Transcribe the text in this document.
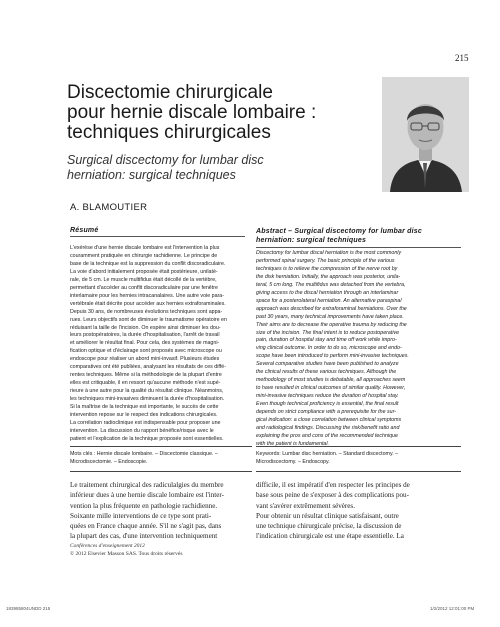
215
Discectomie chirurgicale
pour hernie discale lombaire :
techniques chirurgicales
Surgical discectomy for lumbar disc
herniation: surgical techniques
A. BLAMOUTIER
Résumé	Abstract – Surgical discectomy for lumbar disc
herniation: surgical techniques
L'exérèse d'une hernie discale lombaire est l'intervention la plus
couramment pratiquée en chirurgie rachidienne. Le principe de
base de la technique est la suppression du conflit discoradiculaire.
La voie d'abord initialement proposée était postérieure, unilaté-
rale, de 5 cm. Le muscle multifidus était décollé de la vertèbre,
permettant d'accéder au conflit discoradiculaire par une fenêtre
interlamaire pour les hernies intracanalaires. Une autre voie para-
vertébrale était décrite pour accéder aux hernies extraforaminales.
Depuis 30 ans, de nombreuses évolutions techniques sont appa-
rues. Leurs objectifs sont de diminuer le traumatisme opératoire en
réduisant la taille de l'incision. On espère ainsi diminuer les dou-
leurs postopératoires, la durée d'hospitalisation, l'arrêt de travail
et améliorer le résultat final. Pour cela, des systèmes de magni-
fication optique et d'éclairage sont proposés avec microscope ou
endoscope pour réaliser un abord mini-invasif. Plusieurs études
comparatives ont été publiées, analysant les résultats de ces diffé-
rentes techniques. Même si la méthodologie de la plupart d'entre
elles est critiquable, il en ressort qu'aucune méthode n'est supé-
rieure à une autre pour la qualité du résultat clinique. Néanmoins,
les techniques mini-invasives diminuent la durée d'hospitalisation.
Si la maîtrise de la technique est importante, le succès de cette
intervention repose sur le respect des indications chirurgicales.
La corrélation radioclinique est indispensable pour proposer une
intervention. La discussion du rapport bénéfice/risque avec le
patient et l'explication de la technique proposée sont essentielles.
Discectomy for lumbar discal herniation is the most commonly
performed spinal surgery. The basic principle of the various
techniques is to relieve the compression of the nerve root by
the disk herniation. Initially, the approach was posterior, unila-
teral, 5 cm long. The multifidus was detached from the vertebra,
giving access to the discal herniation through an interlaminar
space for a posterolateral herniation. An alternative paraspinal
approach was described for extraforaminal herniations. Over the
past 30 years, many technical improvements have taken place.
Their aims are to decrease the operative trauma by reducing the
size of the incision. The final intent is to reduce postoperative
pain, duration of hospital stay and time off work while impro-
ving clinical outcome. In order to do so, microscope and endo-
scope have been introduced to perform mini-invasive techniques.
Several comparative studies have been published to analyze
the clinical results of these various techniques. Although the
methodology of most studies is debatable, all approaches seem
to have resulted in clinical outcomes of similar quality. However,
mini-invasive techniques reduce the duration of hospital stay.
Even though technical proficiency is essential, the final result
depends on strict compliance with a prerequisite for the sur-
gical indication: a close correlation between clinical symptoms
and radiological findings. Discussing the risk/benefit ratio and
explaining the pros and cons of the recommended technique
with the patient is fundamental.
Mots clés : Hernie discale lombaire. – Discectomie classique. –
Microdiscectomie. – Endoscopie.
Keywords: Lumbar disc herniation. – Standard discectomy. –
Microdiscectomy. – Endoscopy.
Le traitement chirurgical des radiculalgies du membre
inférieur dues à une hernie discale lombaire est l'inter-
vention la plus fréquente en pathologie rachidienne.
Soixante mille interventions de ce type sont prati-
quées en France chaque année. S'il ne s'agit pas, dans
la plupart des cas, d'une intervention techniquement
difficile, il est impératif d'en respecter les principes de
base sous peine de s'exposer à des complications pou-
vant s'avérer extrêmement sévères.
Pour obtenir un résultat clinique satisfaisant, outre
une technique chirurgicale précise, la discussion de
l'indication chirurgicale est une étape essentielle. La
Conférences d'enseignement 2012
© 2012 Elsevier Masson SAS. Tous droits réservés
183985804UNDD 215	1/2/2012 12:01:00 PM
